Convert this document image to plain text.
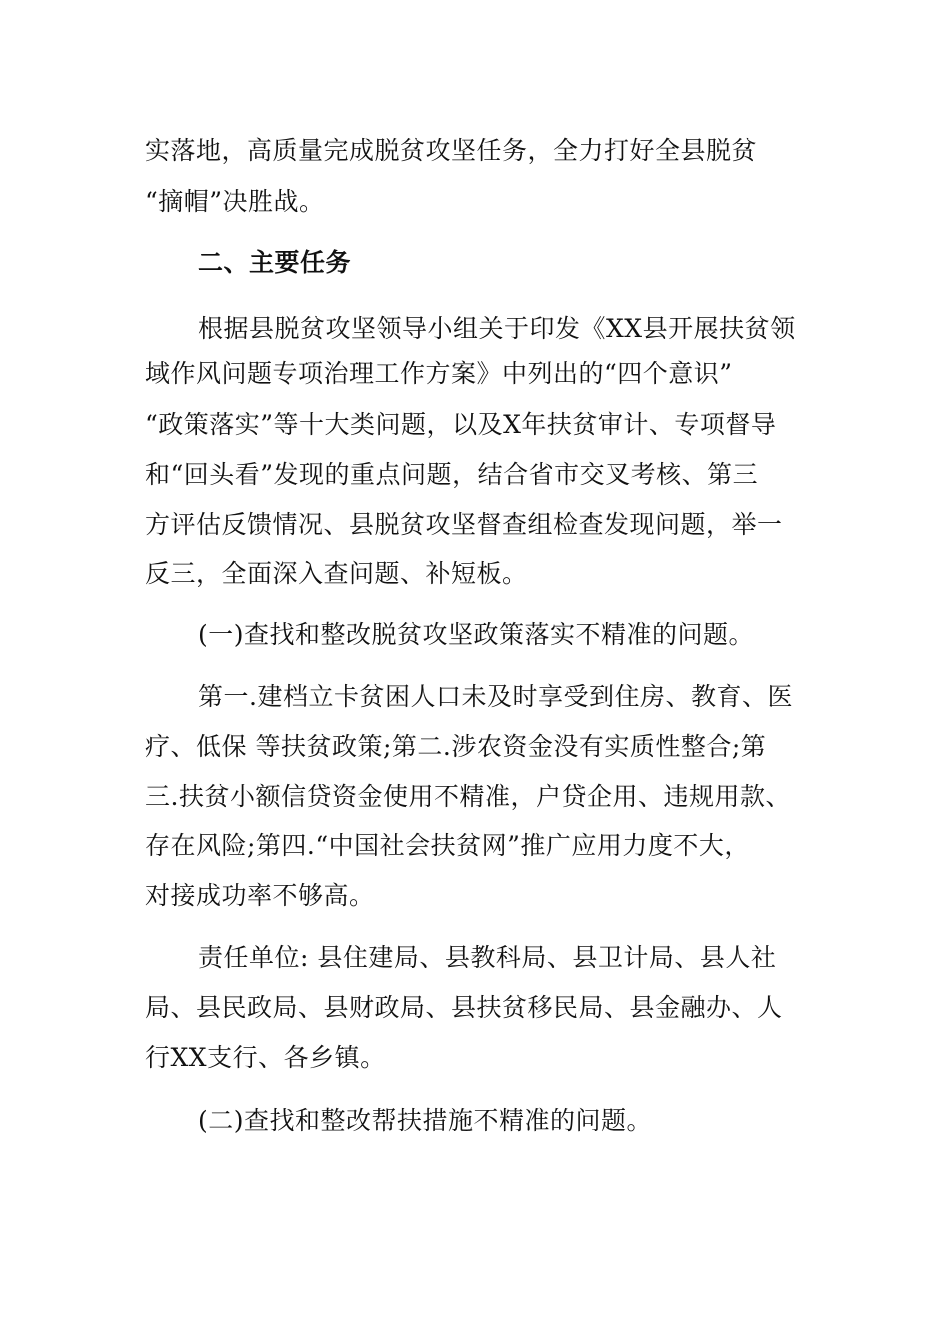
实落地，高质量完成脱贫攻坚任务，全力打好全县脱贫
“摘帽”决胜战。
二、主要任务
根据县脱贫攻坚领导小组关于印发《XX县开展扶贫领
域作风问题专项治理工作方案》中列出的“四个意识”
“政策落实”等十大类问题，以及X年扶贫审计、专项督导
和“回头看”发现的重点问题，结合省市交叉考核、第三
方评估反馈情况、县脱贫攻坚督查组检查发现问题，举一
反三，全面深入查问题、补短板。
(一)查找和整改脱贫攻坚政策落实不精准的问题。
第一.建档立卡贫困人口未及时享受到住房、教育、医
疗、低保 等扶贫政策;第二.涉农资金没有实质性整合;第
三.扶贫小额信贷资金使用不精准，户贷企用、违规用款、
存在风险;第四.“中国社会扶贫网”推广应用力度不大，
对接成功率不够高。
责任单位: 县住建局、县教科局、县卫计局、县人社
局、县民政局、县财政局、县扶贫移民局、县金融办、人
行XX支行、各乡镇。
(二)查找和整改帮扶措施不精准的问题。
